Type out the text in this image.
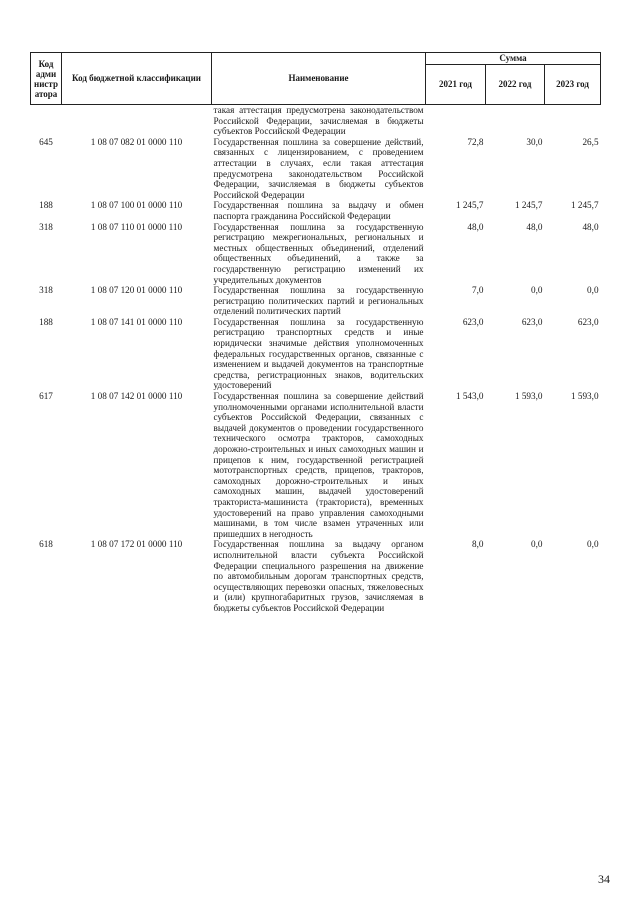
Код адми нистр атора	Код бюджетной классификации	Наименование	Сумма		
			2021 год	2022 год	2023 год
		такая аттестация предусмотрена законодательством Российской Федерации, зачисляемая в бюджеты субъектов Российской Федерации			
645	1 08 07 082 01 0000 110	Государственная пошлина за совершение действий, связанных с лицензированием, с проведением аттестации в случаях, если такая аттестация предусмотрена законодательством Российской Федерации, зачисляемая в бюджеты субъектов Российской Федерации	72,8	30,0	26,5
188	1 08 07 100 01 0000 110	Государственная пошлина за выдачу и обмен паспорта гражданина Российской Федерации	1 245,7	1 245,7	1 245,7
318	1 08 07 110 01 0000 110	Государственная пошлина за государственную регистрацию межрегиональных, региональных и местных общественных объединений, отделений общественных объединений, а также за государственную регистрацию изменений их учредительных документов	48,0	48,0	48,0
318	1 08 07 120 01 0000 110	Государственная пошлина за государственную регистрацию политических партий и региональных отделений политических партий	7,0	0,0	0,0
188	1 08 07 141 01 0000 110	Государственная пошлина за государственную регистрацию транспортных средств и иные юридически значимые действия уполномоченных федеральных государственных органов, связанные с изменением и выдачей документов на транспортные средства, регистрационных знаков, водительских удостоверений	623,0	623,0	623,0
617	1 08 07 142 01 0000 110	Государственная пошлина за совершение действий уполномоченными органами исполнительной власти субъектов Российской Федерации, связанных с выдачей документов о проведении государственного технического осмотра тракторов, самоходных дорожно-строительных и иных самоходных машин и прицепов к ним, государственной регистрацией мототранспортных средств, прицепов, тракторов, самоходных дорожно-строительных и иных самоходных машин, выдачей удостоверений тракториста-машиниста (тракториста), временных удостоверений на право управления самоходными машинами, в том числе взамен утраченных или пришедших в негодность	1 543,0	1 593,0	1 593,0
618	1 08 07 172 01 0000 110	Государственная пошлина за выдачу органом исполнительной власти субъекта Российской Федерации специального разрешения на движение по автомобильным дорогам транспортных средств, осуществляющих перевозки опасных, тяжеловесных и (или) крупногабаритных грузов, зачисляемая в бюджеты субъектов Российской Федерации	8,0	0,0	0,0
34
